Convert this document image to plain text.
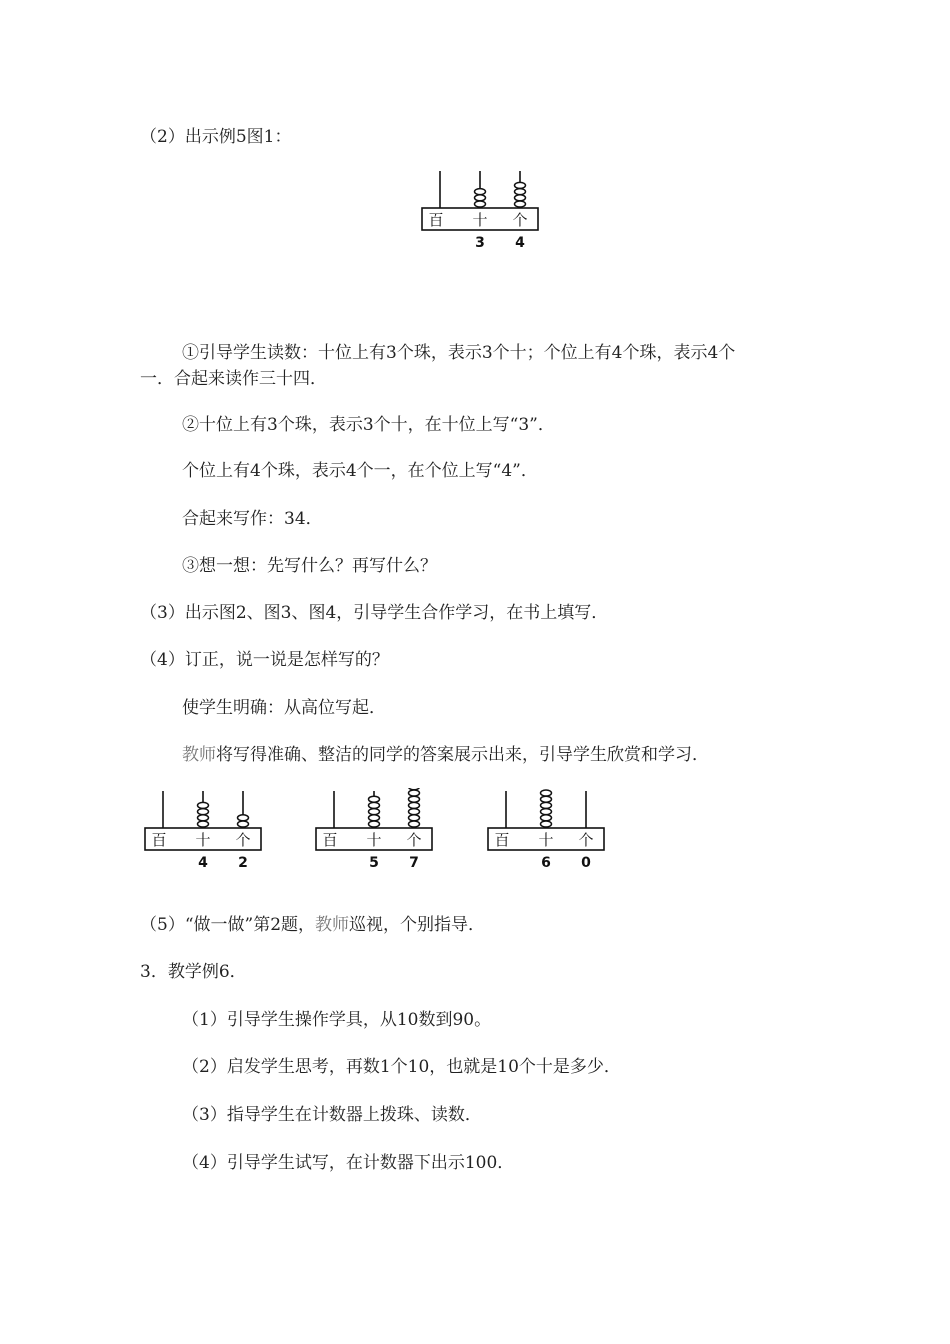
（2）出示例5图1：
百 十 个
3 4
①引导学生读数：十位上有3个珠，表示3个十；个位上有4个珠，表示4个
一．合起来读作三十四．
②十位上有3个珠，表示3个十，在十位上写“3”．
个位上有4个珠，表示4个一，在个位上写“4”．
合起来写作：34．
③想一想：先写什么？再写什么？
（3）出示图2、图3、图4，引导学生合作学习，在书上填写．
（4）订正，说一说是怎样写的？
使学生明确：从高位写起．
教师将写得准确、整洁的同学的答案展示出来，引导学生欣赏和学习．
百 十 个
4 2
百 十 个
5 7
百 十 个
6 0
（5）“做一做”第2题，教师巡视，个别指导．
3．教学例6．
（1）引导学生操作学具，从10数到90。
（2）启发学生思考，再数1个10，也就是10个十是多少．
（3）指导学生在计数器上拨珠、读数．
（4）引导学生试写，在计数器下出示100．
